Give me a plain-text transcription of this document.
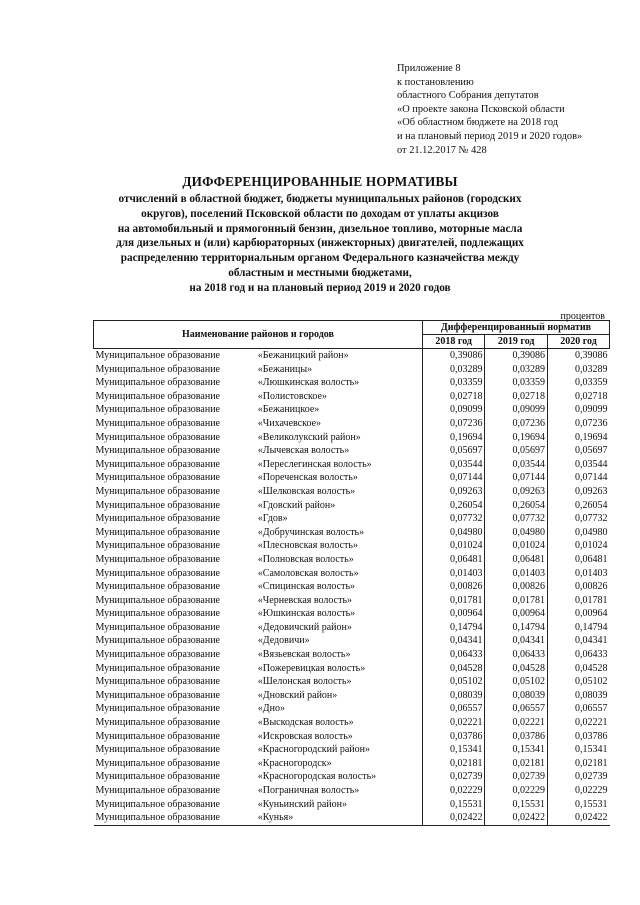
Приложение 8
к постановлению
областного Собрания депутатов
«О проекте закона Псковской области
«Об областном бюджете на 2018 год
и на плановый период 2019 и 2020 годов»
от 21.12.2017 № 428
ДИФФЕРЕНЦИРОВАННЫЕ НОРМАТИВЫ
отчислений в областной бюджет, бюджеты муниципальных районов (городских
округов), поселений Псковской области по доходам от уплаты акцизов
на автомобильный и прямогонный бензин, дизельное топливо, моторные масла
для дизельных и (или) карбюраторных (инжекторных) двигателей, подлежащих
распределению территориальным органом Федерального казначейства между
областным и местными бюджетами,
на 2018 год и на плановый период 2019 и 2020 годов
процентов
Наименование районов и городов		Дифференцированный норматив		
		2018 год	2019 год	2020 год
Муниципальное образование	«Бежаницкий район»	0,39086	0,39086	0,39086
Муниципальное образование	«Бежаницы»	0,03289	0,03289	0,03289
Муниципальное образование	«Люшкинская волость»	0,03359	0,03359	0,03359
Муниципальное образование	«Полистовское»	0,02718	0,02718	0,02718
Муниципальное образование	«Бежаницкое»	0,09099	0,09099	0,09099
Муниципальное образование	«Чихачевское»	0,07236	0,07236	0,07236
Муниципальное образование	«Великолукский район»	0,19694	0,19694	0,19694
Муниципальное образование	«Лычевская волость»	0,05697	0,05697	0,05697
Муниципальное образование	«Переслегинская волость»	0,03544	0,03544	0,03544
Муниципальное образование	«Пореченская волость»	0,07144	0,07144	0,07144
Муниципальное образование	«Шелковская волость»	0,09263	0,09263	0,09263
Муниципальное образование	«Гдовский район»	0,26054	0,26054	0,26054
Муниципальное образование	«Гдов»	0,07732	0,07732	0,07732
Муниципальное образование	«Добручинская волость»	0,04980	0,04980	0,04980
Муниципальное образование	«Плесновская волость»	0,01024	0,01024	0,01024
Муниципальное образование	«Полновская волость»	0,06481	0,06481	0,06481
Муниципальное образование	«Самоловская волость»	0,01403	0,01403	0,01403
Муниципальное образование	«Спицинская волость»	0,00826	0,00826	0,00826
Муниципальное образование	«Черневская волость»	0,01781	0,01781	0,01781
Муниципальное образование	«Юшкинская волость»	0,00964	0,00964	0,00964
Муниципальное образование	«Дедовичский район»	0,14794	0,14794	0,14794
Муниципальное образование	«Дедовичи»	0,04341	0,04341	0,04341
Муниципальное образование	«Вязьевская волость»	0,06433	0,06433	0,06433
Муниципальное образование	«Пожеревицкая волость»	0,04528	0,04528	0,04528
Муниципальное образование	«Шелонская волость»	0,05102	0,05102	0,05102
Муниципальное образование	«Дновский район»	0,08039	0,08039	0,08039
Муниципальное образование	«Дно»	0,06557	0,06557	0,06557
Муниципальное образование	«Выскодская волость»	0,02221	0,02221	0,02221
Муниципальное образование	«Искровская волость»	0,03786	0,03786	0,03786
Муниципальное образование	«Красногородский район»	0,15341	0,15341	0,15341
Муниципальное образование	«Красногородск»	0,02181	0,02181	0,02181
Муниципальное образование	«Красногородская волость»	0,02739	0,02739	0,02739
Муниципальное образование	«Пограничная волость»	0,02229	0,02229	0,02229
Муниципальное образование	«Куньинский район»	0,15531	0,15531	0,15531
Муниципальное образование	«Кунья»	0,02422	0,02422	0,02422
